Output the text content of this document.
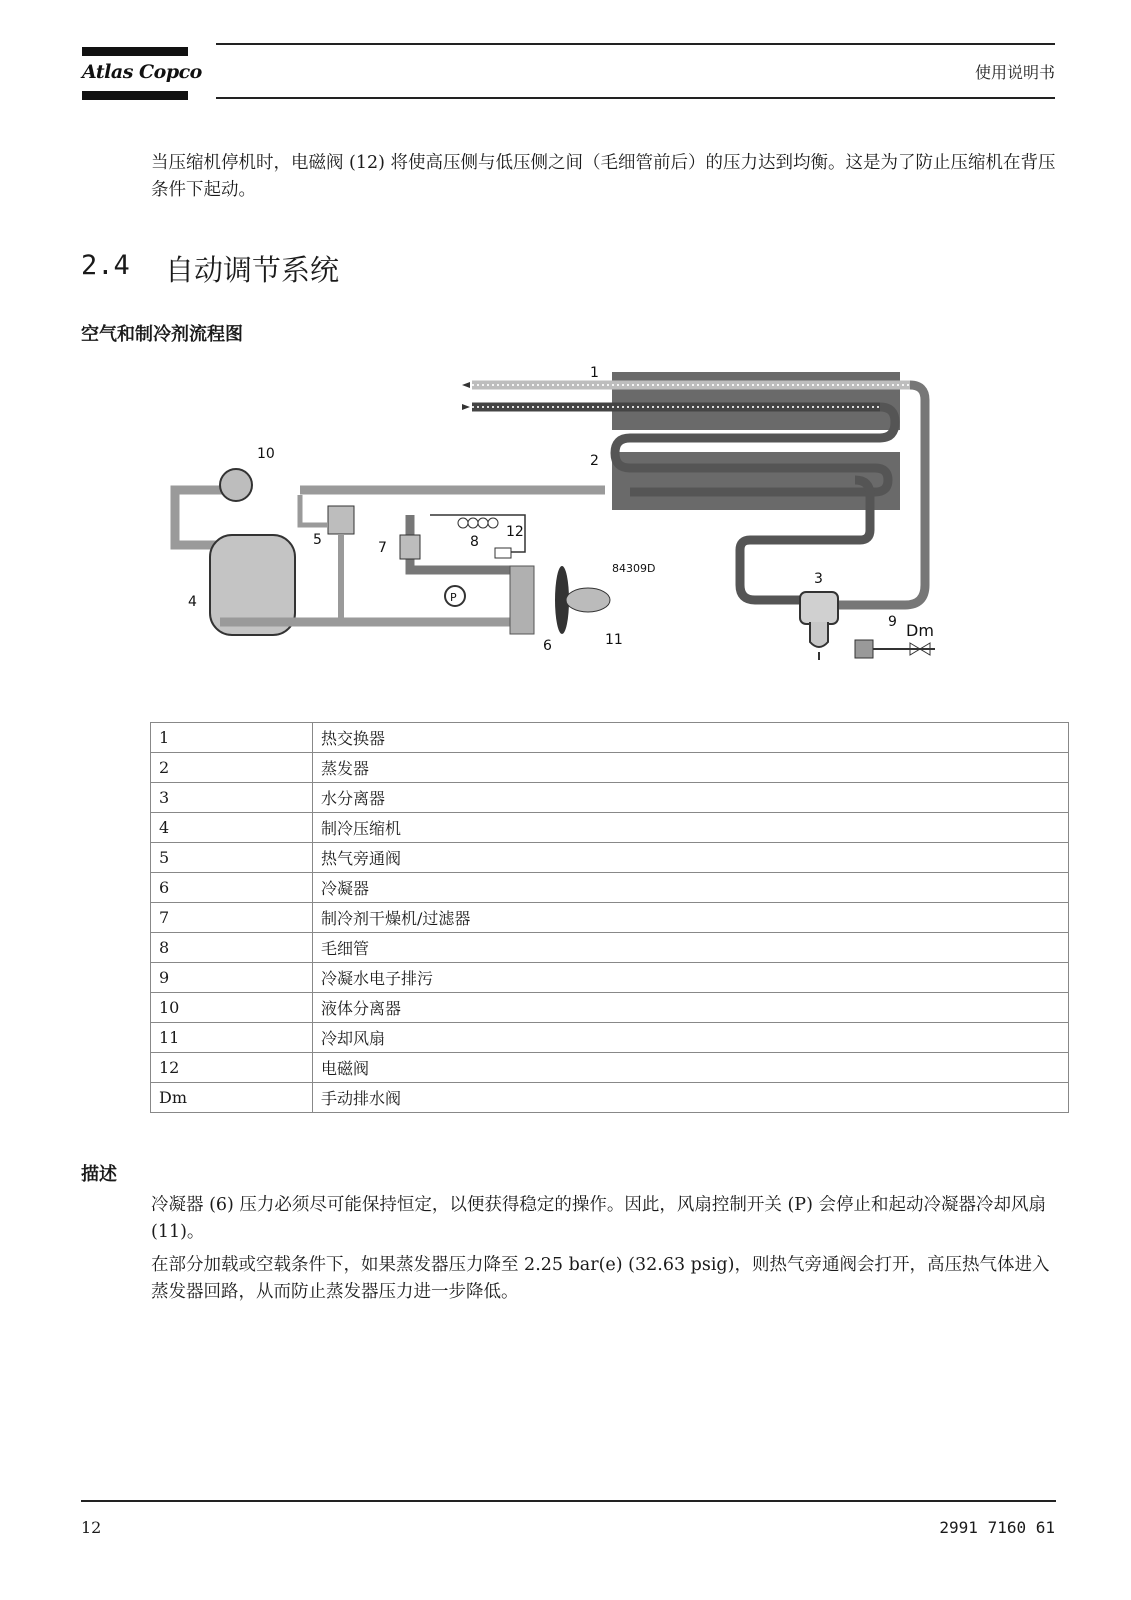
Atlas Copco	使用说明书
当压缩机停机时，电磁阀 (12) 将使高压侧与低压侧之间（毛细管前后）的压力达到均衡。这是为了防止压缩机在背压条件下起动。
2.4 自动调节系统
空气和制冷剂流程图
1
2
3
4
5
6
7	8
9
10
11
12
Dm
P
84309D
1	热交换器
2	蒸发器
3	水分离器
4	制冷压缩机
5	热气旁通阀
6	冷凝器
7	制冷剂干燥机/过滤器
8	毛细管
9	冷凝水电子排污
10	液体分离器
11	冷却风扇
12	电磁阀
Dm	手动排水阀
描述
冷凝器 (6) 压力必须尽可能保持恒定，以便获得稳定的操作。因此，风扇控制开关 (P) 会停止和起动冷凝器冷却风扇 (11)。
在部分加载或空载条件下，如果蒸发器压力降至 2.25 bar(e) (32.63 psig)，则热气旁通阀会打开，高压热气体进入蒸发器回路，从而防止蒸发器压力进一步降低。
12	2991 7160 61
